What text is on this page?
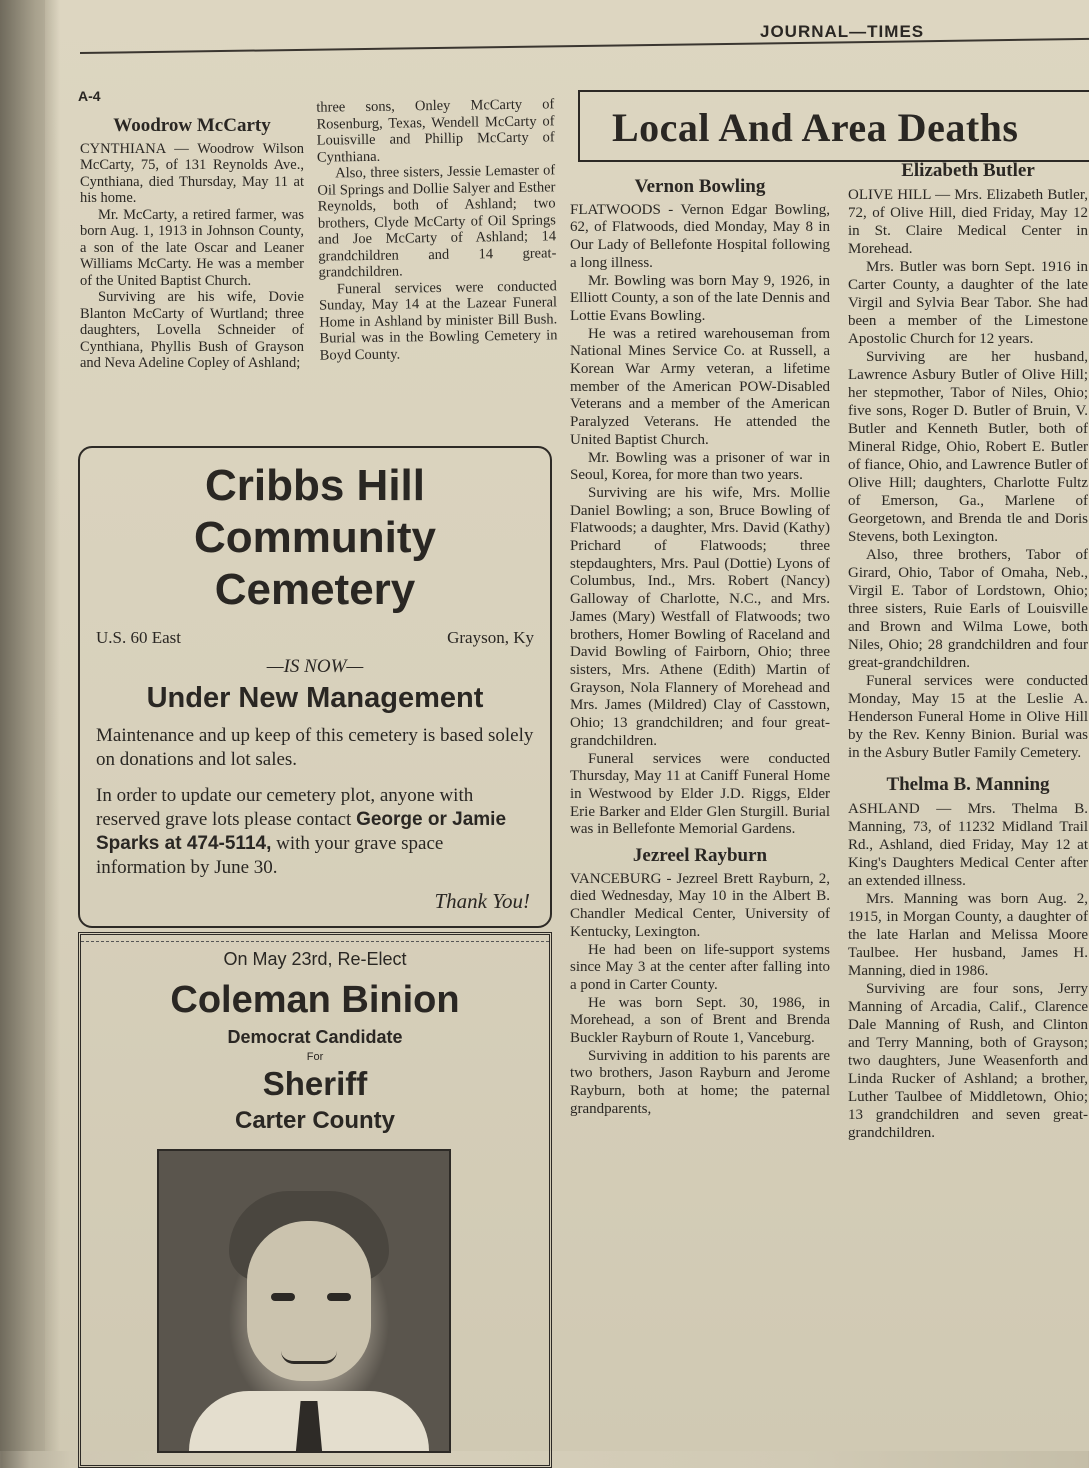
JOURNAL—TIMES
A-4
Woodrow McCarty

CYNTHIANA — Woodrow Wilson McCarty, 75, of 131 Reynolds Ave., Cynthiana, died Thursday, May 11 at his home.

Mr. McCarty, a retired farmer, was born Aug. 1, 1913 in Johnson County, a son of the late Oscar and Leaner Williams McCarty. He was a member of the United Baptist Church.

Surviving are his wife, Dovie Blanton McCarty of Wurtland; three daughters, Lovella Schneider of Cynthiana, Phyllis Bush of Grayson and Neva Adeline Copley of Ashland;

three sons, Onley McCarty of Rosenburg, Texas, Wendell McCarty of Louisville and Phillip McCarty of Cynthiana.

Also, three sisters, Jessie Lemaster of Oil Springs and Dollie Salyer and Esther Reynolds, both of Ashland; two brothers, Clyde McCarty of Oil Springs and Joe McCarty of Ashland; 14 grandchildren and 14 great-grandchildren.

Funeral services were conducted Sunday, May 14 at the Lazear Funeral Home in Ashland by minister Bill Bush. Burial was in the Bowling Cemetery in Boyd County.

Cribbs Hill
Community
Cemetery
U.S. 60 East	Grayson, Ky
—IS NOW—
Under New Management
Maintenance and up keep of this cemetery is based solely on donations and lot sales.
In order to update our cemetery plot, anyone with reserved grave lots please contact George or Jamie Sparks at 474-5114, with your grave space information by June 30.
Thank You!
On May 23rd, Re-Elect
Coleman Binion
Democrat Candidate
For
Sheriff
Carter County
Local And Area Deaths
Vernon Bowling

FLATWOODS - Vernon Edgar Bowling, 62, of Flatwoods, died Monday, May 8 in Our Lady of Bellefonte Hospital following a long illness.

Mr. Bowling was born May 9, 1926, in Elliott County, a son of the late Dennis and Lottie Evans Bowling.

He was a retired warehouseman from National Mines Service Co. at Russell, a Korean War Army veteran, a lifetime member of the American POW-Disabled Veterans and a member of the American Paralyzed Veterans. He attended the United Baptist Church.

Mr. Bowling was a prisoner of war in Seoul, Korea, for more than two years.

Surviving are his wife, Mrs. Mollie Daniel Bowling; a son, Bruce Bowling of Flatwoods; a daughter, Mrs. David (Kathy) Prichard of Flatwoods; three stepdaughters, Mrs. Paul (Dottie) Lyons of Columbus, Ind., Mrs. Robert (Nancy) Galloway of Charlotte, N.C., and Mrs. James (Mary) Westfall of Flatwoods; two brothers, Homer Bowling of Raceland and David Bowling of Fairborn, Ohio; three sisters, Mrs. Athene (Edith) Martin of Grayson, Nola Flannery of Morehead and Mrs. James (Mildred) Clay of Casstown, Ohio; 13 grandchildren; and four great-grandchildren.

Funeral services were conducted Thursday, May 11 at Caniff Funeral Home in Westwood by Elder J.D. Riggs, Elder Erie Barker and Elder Glen Sturgill. Burial was in Bellefonte Memorial Gardens.

Jezreel Rayburn

VANCEBURG - Jezreel Brett Rayburn, 2, died Wednesday, May 10 in the Albert B. Chandler Medical Center, University of Kentucky, Lexington.

He had been on life-support systems since May 3 at the center after falling into a pond in Carter County.

He was born Sept. 30, 1986, in Morehead, a son of Brent and Brenda Buckler Rayburn of Route 1, Vanceburg.

Surviving in addition to his parents are two brothers, Jason Rayburn and Jerome Rayburn, both at home; the paternal grandparents,

Elizabeth Butler

OLIVE HILL — Mrs. Elizabeth Butler, 72, of Olive Hill, died Friday, May 12 in St. Claire Medical Center in Morehead.

Mrs. Butler was born Sept. 1916 in Carter County, a daughter of the late Virgil and Sylvia Bear Tabor. She had been a member of the Limestone Apostolic Church for 12 years.

Surviving are her husband, Lawrence Asbury Butler of Olive Hill; her stepmother, Tabor of Niles, Ohio; five sons, Roger D. Butler of Bruin, V. Butler and Kenneth Butler, both of Mineral Ridge, Ohio, Robert E. Butler of fiance, Ohio, and Lawrence Butler of Olive Hill; daughters, Charlotte Fultz of Emerson, Ga., Marlene of Georgetown, and Brenda tle and Doris Stevens, both Lexington.

Also, three brothers, Tabor of Girard, Ohio, Tabor of Omaha, Neb., Virgil E. Tabor of Lordstown, Ohio; three sisters, Ruie Earls of Louisville and Brown and Wilma Lowe, both Niles, Ohio; 28 grandchildren and four great-grandchildren.

Funeral services were conducted Monday, May 15 at the Leslie A. Henderson Funeral Home in Olive Hill by the Rev. Kenny Binion. Burial was in the Asbury Butler Family Cemetery.

Thelma B. Manning

ASHLAND — Mrs. Thelma B. Manning, 73, of 11232 Midland Trail Rd., Ashland, died Friday, May 12 at King's Daughters Medical Center after an extended illness.

Mrs. Manning was born Aug. 2, 1915, in Morgan County, a daughter of the late Harlan and Melissa Moore Taulbee. Her husband, James H. Manning, died in 1986.

Surviving are four sons, Jerry Manning of Arcadia, Calif., Clarence Dale Manning of Rush, and Clinton and Terry Manning, both of Grayson; two daughters, June Weasenforth and Linda Rucker of Ashland; a brother, Luther Taulbee of Middletown, Ohio; 13 grandchildren and seven great-grandchildren.
